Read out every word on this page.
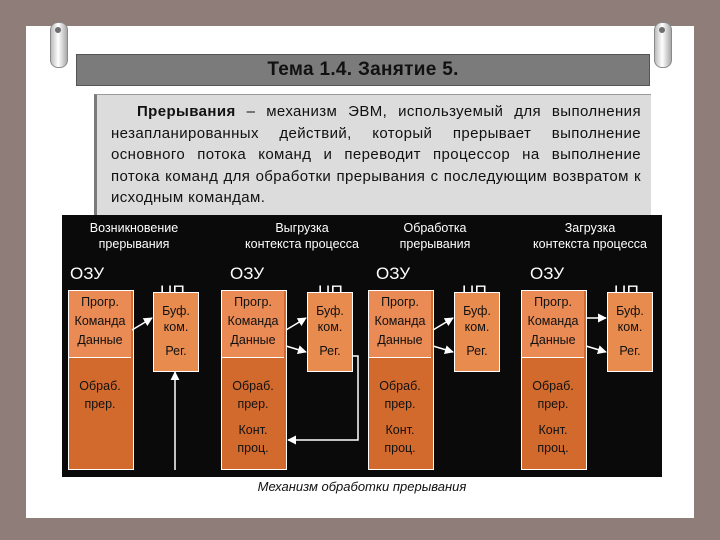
Тема 1.4. Занятие 5.
Прерывания – механизм ЭВМ, используемый для выполнения незапланированных действий, который прерывает выполнение основного потока команд и переводит процессор на выполнение потока команд для обработки прерывания с последующим возвратом к исходным командам.
Возникновение
прерывания
ОЗУ
Прогр.
Команда
Данные
Обраб.
прер.
Буф.
ком.
Рег.
Выгрузка
контекста процесса
ОЗУ
Прогр.
Команда
Данные
Обраб.
прер.
Конт.
проц.
Буф.
ком.
Рег.
Обработка
прерывания
ОЗУ
Прогр.
Команда
Данные
Обраб.
прер.
Конт.
проц.
Буф.
ком.
Рег.
Загрузка
контекста процесса
ОЗУ
Прогр.
Команда
Данные
Обраб.
прер.
Конт.
проц.
Буф.
ком.
Рег.
Механизм обработки прерывания
